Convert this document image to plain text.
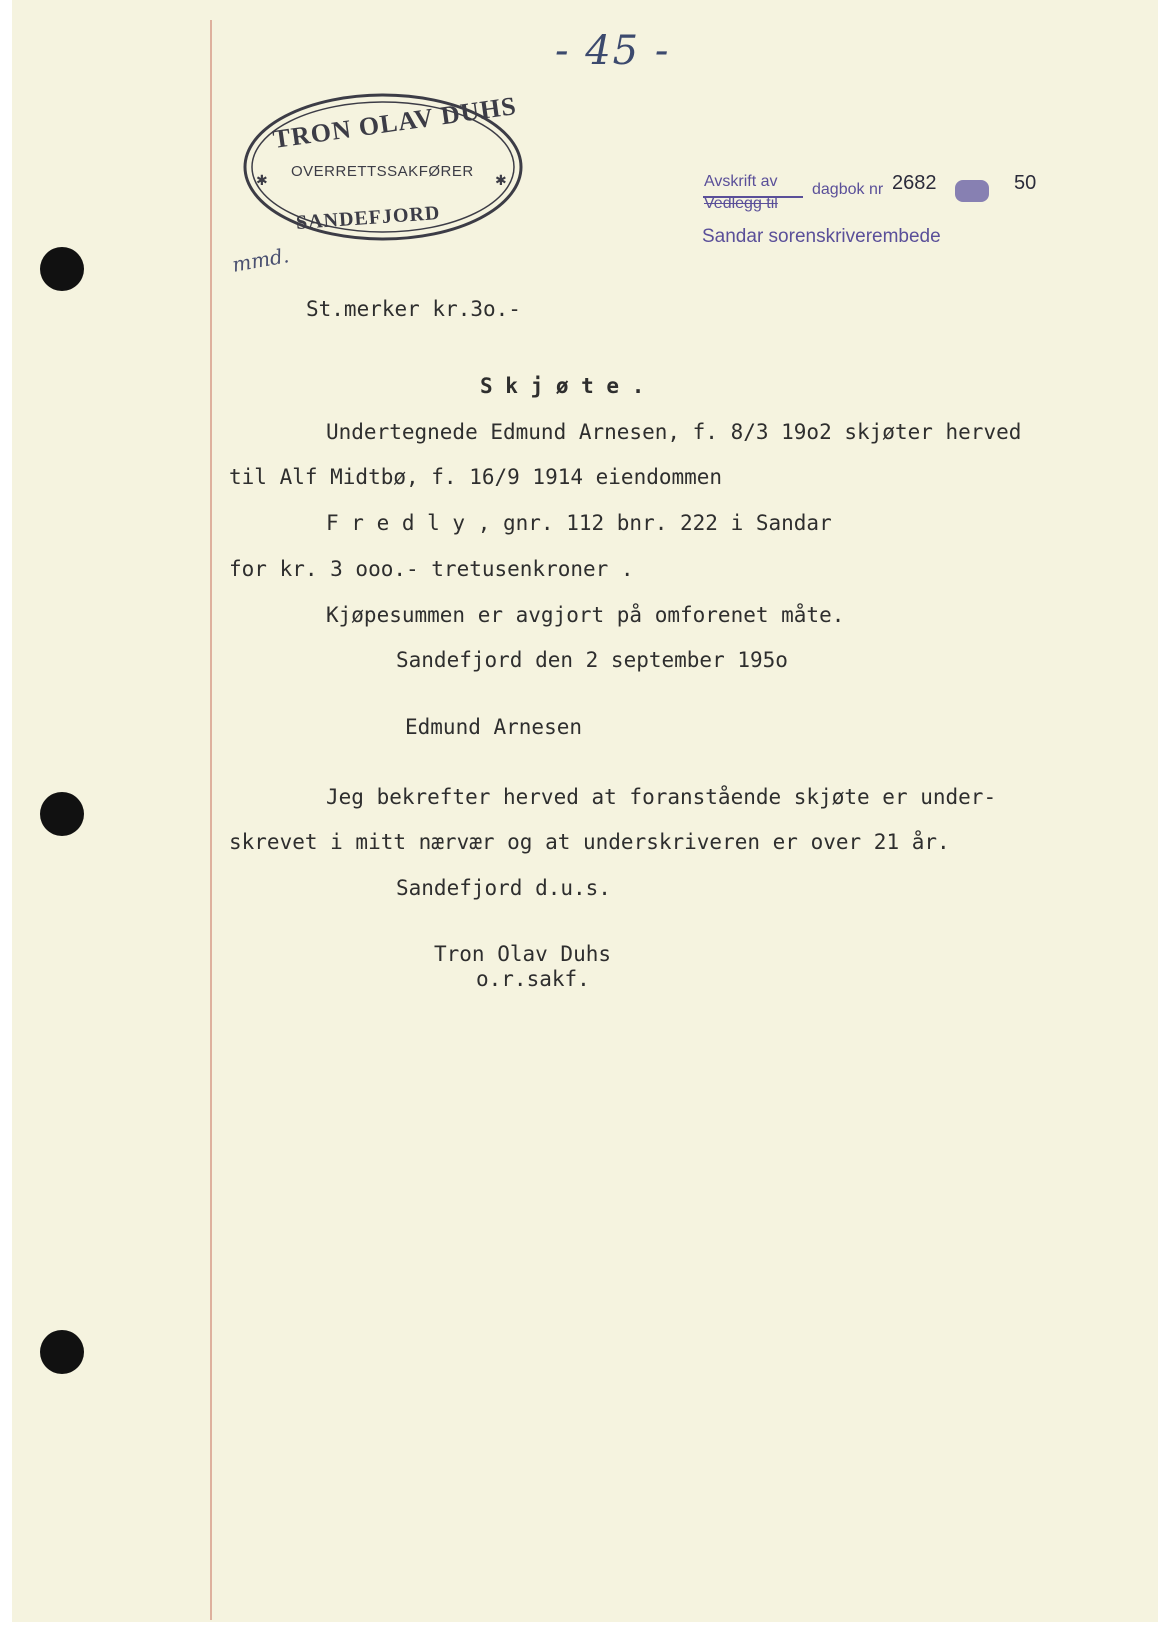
- 45 -
mmd.
✱	✱
TRON OLAV DUHS
OVERRETTSSAKFØRER
SANDEFJORD
Avskrift av
Vedlegg til
dagbok nr 2682	50
Sandar sorenskriverembede
St.merker kr.3o.-
S k j ø t e .
Undertegnede Edmund Arnesen, f. 8/3 19o2 skjøter herved
til Alf Midtbø, f. 16/9 1914 eiendommen
F r e d l y , gnr. 112 bnr. 222 i Sandar
for kr. 3 ooo.- tretusenkroner .
Kjøpesummen er avgjort på omforenet måte.
Sandefjord den 2 september 195o
Edmund Arnesen
Jeg bekrefter herved at foranstående skjøte er under-
skrevet i mitt nærvær og at underskriveren er over 21 år.
Sandefjord d.u.s.
Tron Olav Duhs
o.r.sakf.
